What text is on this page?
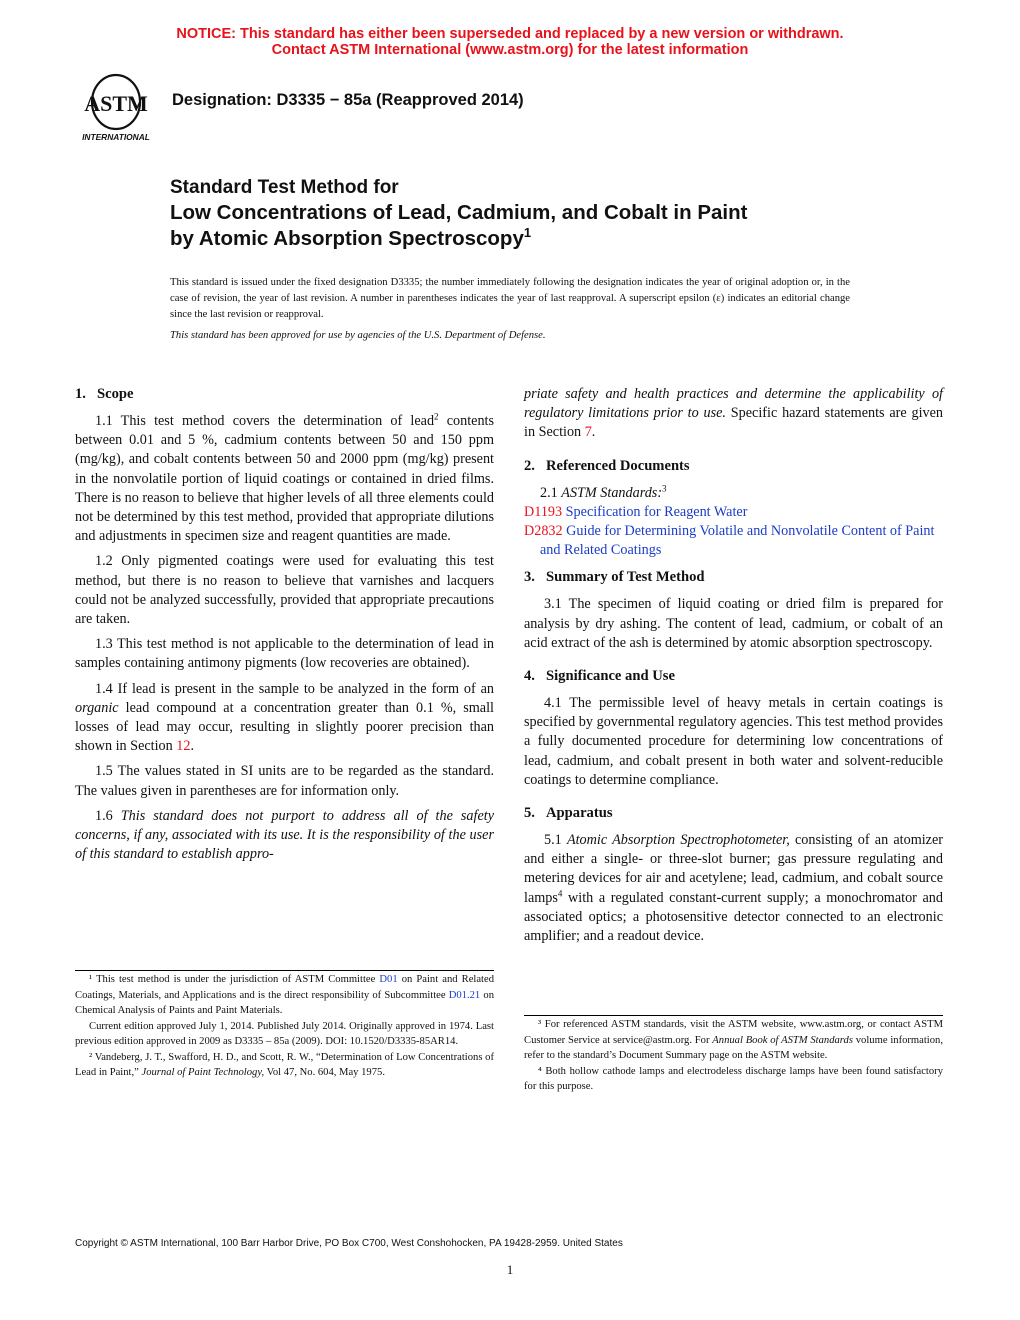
NOTICE: This standard has either been superseded and replaced by a new version or withdrawn.
Contact ASTM International (www.astm.org) for the latest information
ASTM
INTERNATIONAL
Designation: D3335 − 85a (Reapproved 2014)
Standard Test Method for
Low Concentrations of Lead, Cadmium, and Cobalt in Paint
by Atomic Absorption Spectroscopy$^1$
This standard is issued under the fixed designation D3335; the number immediately following the designation indicates the year of original adoption or, in the case of revision, the year of last revision. A number in parentheses indicates the year of last reapproval. A superscript epsilon (ε) indicates an editorial change since the last revision or reapproval.
This standard has been approved for use by agencies of the U.S. Department of Defense.
1. Scope

1.1 This test method covers the determination of lead$^2$ contents between 0.01 and 5 %, cadmium contents between 50 and 150 ppm (mg/kg), and cobalt contents between 50 and 2000 ppm (mg/kg) present in the nonvolatile portion of liquid coatings or contained in dried films. There is no reason to believe that higher levels of all three elements could not be determined by this test method, provided that appropriate dilutions and adjustments in specimen size and reagent quantities are made.

1.2 Only pigmented coatings were used for evaluating this test method, but there is no reason to believe that varnishes and lacquers could not be analyzed successfully, provided that appropriate precautions are taken.

1.3 This test method is not applicable to the determination of lead in samples containing antimony pigments (low recoveries are obtained).

1.4 If lead is present in the sample to be analyzed in the form of an organic lead compound at a concentration greater than 0.1 %, small losses of lead may occur, resulting in slightly poorer precision than shown in Section 12.

1.5 The values stated in SI units are to be regarded as the standard. The values given in parentheses are for information only.

1.6 This standard does not purport to address all of the safety concerns, if any, associated with its use. It is the responsibility of the user of this standard to establish appro-

¹ This test method is under the jurisdiction of ASTM Committee D01 on Paint and Related Coatings, Materials, and Applications and is the direct responsibility of Subcommittee D01.21 on Chemical Analysis of Paints and Paint Materials.

Current edition approved July 1, 2014. Published July 2014. Originally approved in 1974. Last previous edition approved in 2009 as D3335 – 85a (2009). DOI: 10.1520/D3335-85AR14.

² Vandeberg, J. T., Swafford, H. D., and Scott, R. W., “Determination of Low Concentrations of Lead in Paint,” Journal of Paint Technology, Vol 47, No. 604, May 1975.

priate safety and health practices and determine the applicability of regulatory limitations prior to use. Specific hazard statements are given in Section 7.

2. Referenced Documents
2.1 ASTM Standards:$^3$
D1193 Specification for Reagent Water
D2832 Guide for Determining Volatile and Nonvolatile Content of Paint and Related Coatings
3. Summary of Test Method

3.1 The specimen of liquid coating or dried film is prepared for analysis by dry ashing. The content of lead, cadmium, or cobalt of an acid extract of the ash is determined by atomic absorption spectroscopy.

4. Significance and Use

4.1 The permissible level of heavy metals in certain coatings is specified by governmental regulatory agencies. This test method provides a fully documented procedure for determining low concentrations of lead, cadmium, and cobalt present in both water and solvent-reducible coatings to determine compliance.

5. Apparatus

5.1 Atomic Absorption Spectrophotometer, consisting of an atomizer and either a single- or three-slot burner; gas pressure regulating and metering devices for air and acetylene; lead, cadmium, and cobalt source lamps$^4$ with a regulated constant-current supply; a monochromator and associated optics; a photosensitive detector connected to an electronic amplifier; and a readout device.

³ For referenced ASTM standards, visit the ASTM website, www.astm.org, or contact ASTM Customer Service at service@astm.org. For Annual Book of ASTM Standards volume information, refer to the standard’s Document Summary page on the ASTM website.

⁴ Both hollow cathode lamps and electrodeless discharge lamps have been found satisfactory for this purpose.

Copyright © ASTM International, 100 Barr Harbor Drive, PO Box C700, West Conshohocken, PA 19428-2959. United States
1
